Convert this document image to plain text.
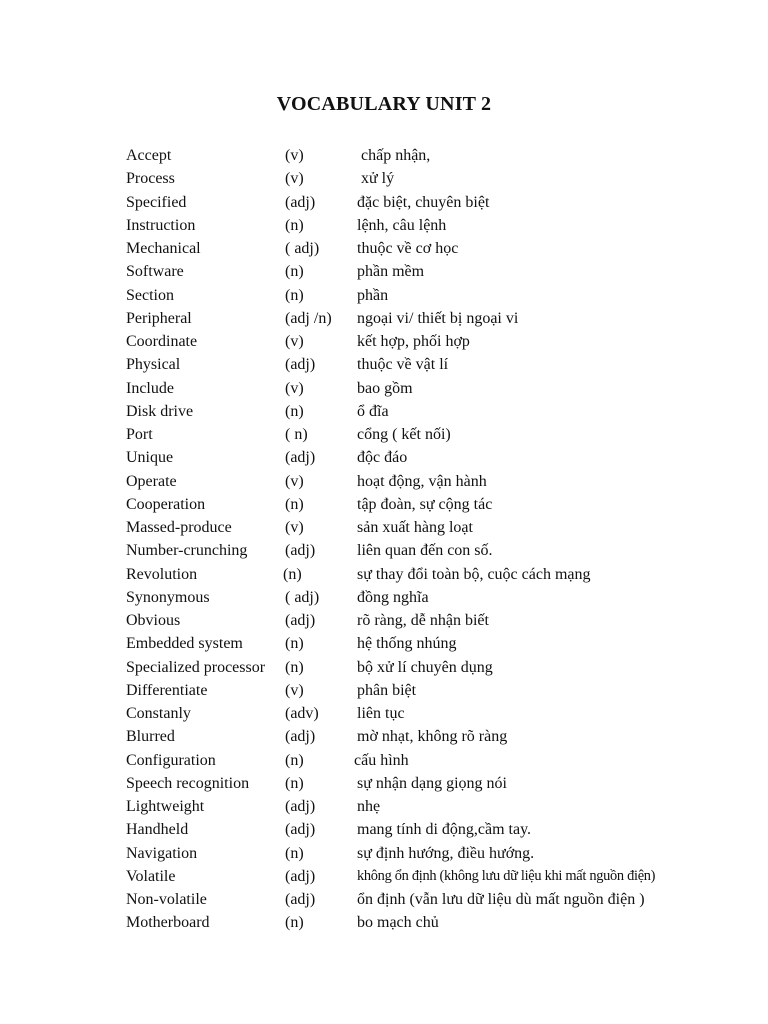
VOCABULARY UNIT 2
Accept	(v)	chấp nhận,
Process	(v)	xử lý
Specified	(adj)	đặc biệt, chuyên biệt
Instruction	(n)	lệnh, câu lệnh
Mechanical	( adj) thuộc về cơ học
Software	(n)	phần mềm
Section	(n)	phần
Peripheral	(adj /n) ngoại vi/ thiết bị ngoại vi
Coordinate	(v)	kết hợp, phối hợp
Physical	(adj)	thuộc về vật lí
Include	(v)	bao gồm
Disk drive	(n)	ổ đĩa
Port	( n)	cổng ( kết nối)
Unique	(adj)	độc đáo
Operate	(v)	hoạt động, vận hành
Cooperation	(n)	tập đoàn, sự cộng tác
Massed-produce	(v)	sản xuất hàng loạt
Number-crunching (adj)	liên quan đến con số.
Revolution	(n)	sự thay đổi toàn bộ, cuộc cách mạng
Synonymous	( adj) đồng nghĩa
Obvious	(adj)	rõ ràng, dễ nhận biết
Embedded system	(n)	hệ thống nhúng
Specialized processor (n)	bộ xử lí chuyên dụng
Differentiate	(v)	phân biệt
Constanly	(adv) liên tục
Blurred	(adj)	mờ nhạt, không rõ ràng
Configuration	(n)	cấu hình
Speech recognition (n)	sự nhận dạng giọng nói
Lightweight	(adj)	nhẹ
Handheld	(adj)	mang tính di động,cầm tay.
Navigation	(n)	sự định hướng, điều hướng.
Volatile	(adj)	không ổn định (không lưu dữ liệu khi mất nguồn điện)
Non-volatile	(adj)	ổn định (vẫn lưu dữ liệu dù mất nguồn điện )
Motherboard	(n)	bo mạch chủ
